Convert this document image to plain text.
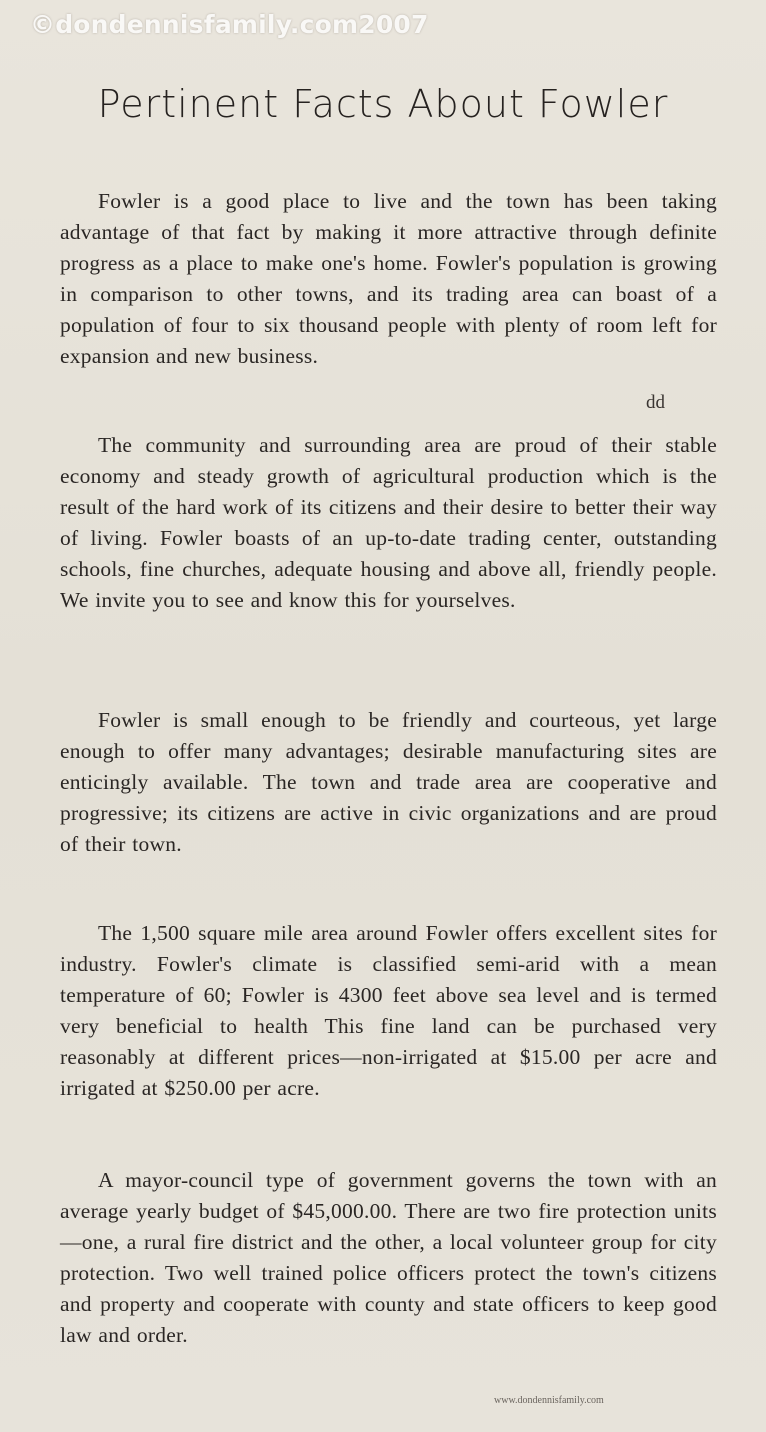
©dondennisfamily.com2007
Pertinent Facts About Fowler

Fowler is a good place to live and the town has been taking advantage of that fact by making it more attractive through definite progress as a place to make one's home. Fowler's population is growing in comparison to other towns, and its trading area can boast of a population of four to six thousand people with plenty of room left for expansion and new business.

dd

The community and surrounding area are proud of their stable economy and steady growth of agricultural production which is the result of the hard work of its citizens and their desire to better their way of living. Fowler boasts of an up-to-date trading center, outstanding schools, fine churches, adequate housing and above all, friendly people. We invite you to see and know this for yourselves.

Fowler is small enough to be friendly and courteous, yet large enough to offer many advantages; desirable manufacturing sites are enticingly available. The town and trade area are cooperative and progressive; its citizens are active in civic organizations and are proud of their town.

The 1,500 square mile area around Fowler offers excellent sites for industry. Fowler's climate is classified semi-arid with a mean temperature of 60; Fowler is 4300 feet above sea level and is termed very beneficial to health This fine land can be purchased very reasonably at different prices—non-irrigated at $15.00 per acre and irrigated at $250.00 per acre.

A mayor-council type of government governs the town with an average yearly budget of $45,000.00. There are two fire protection units—one, a rural fire district and the other, a local volunteer group for city protection. Two well trained police officers protect the town's citizens and property and cooperate with county and state officers to keep good law and order.

www.dondennisfamily.com
